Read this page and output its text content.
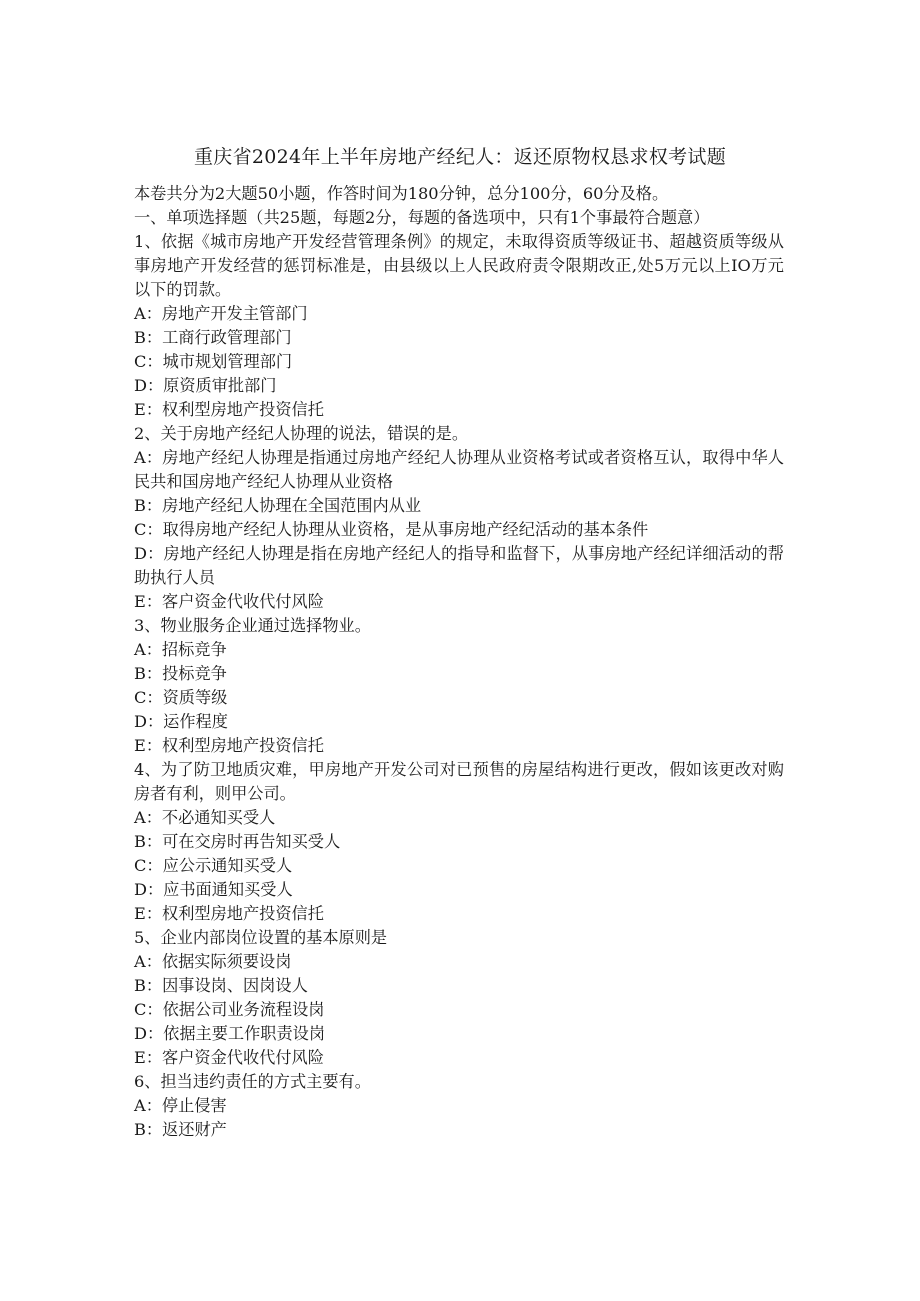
重庆省2024年上半年房地产经纪人：返还原物权恳求权考试题

本卷共分为2大题50小题，作答时间为180分钟，总分100分，60分及格。

一、单项选择题（共25题，每题2分，每题的备选项中，只有1个事最符合题意）

1、依据《城市房地产开发经营管理条例》的规定，未取得资质等级证书、超越资质等级从事房地产开发经营的惩罚标准是，由县级以上人民政府责令限期改正,处5万元以上IO万元以下的罚款。

A：房地产开发主管部门

B：工商行政管理部门

C：城市规划管理部门

D：原资质审批部门

E：权利型房地产投资信托

2、关于房地产经纪人协理的说法，错误的是。

A：房地产经纪人协理是指通过房地产经纪人协理从业资格考试或者资格互认，取得中华人民共和国房地产经纪人协理从业资格

B：房地产经纪人协理在全国范围内从业

C：取得房地产经纪人协理从业资格，是从事房地产经纪活动的基本条件

D：房地产经纪人协理是指在房地产经纪人的指导和监督下，从事房地产经纪详细活动的帮助执行人员

E：客户资金代收代付风险

3、物业服务企业通过选择物业。

A：招标竞争

B：投标竞争

C：资质等级

D：运作程度

E：权利型房地产投资信托

4、为了防卫地质灾难，甲房地产开发公司对已预售的房屋结构进行更改，假如该更改对购房者有利，则甲公司。

A：不必通知买受人

B：可在交房时再告知买受人

C：应公示通知买受人

D：应书面通知买受人

E：权利型房地产投资信托

5、企业内部岗位设置的基本原则是

A：依据实际须要设岗

B：因事设岗、因岗设人

C：依据公司业务流程设岗

D：依据主要工作职责设岗

E：客户资金代收代付风险

6、担当违约责任的方式主要有。

A：停止侵害

B：返还财产
